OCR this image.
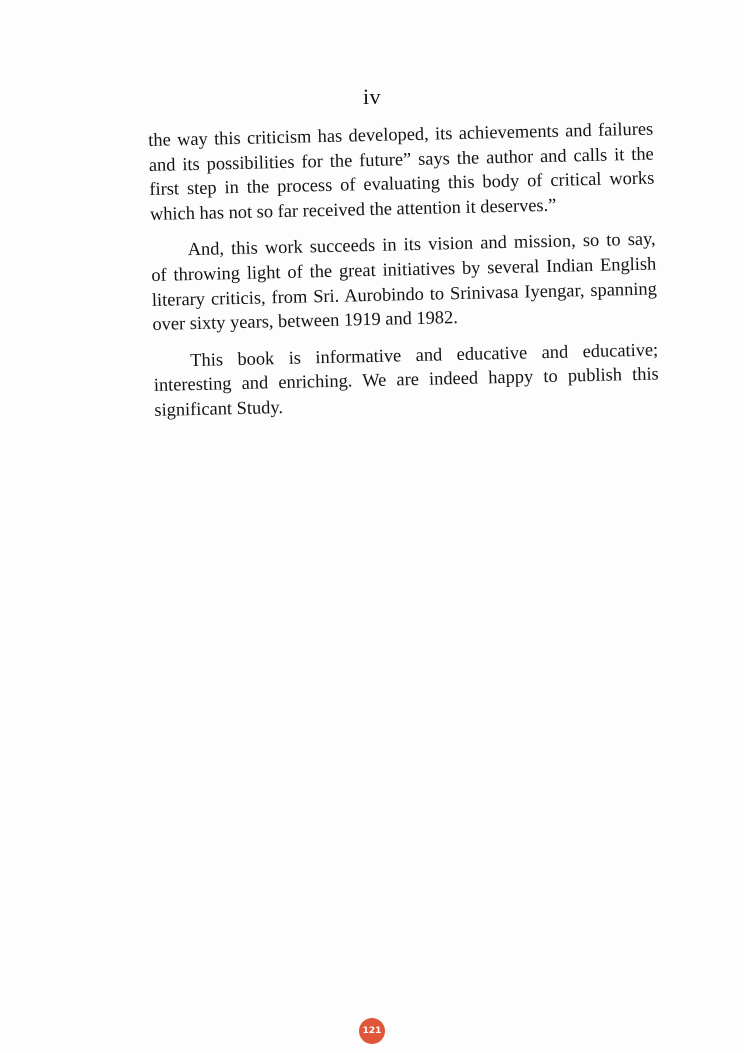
iv
the way this criticism has developed, its achievements and failures
and its possibilities for the future” says the author and calls it the
first step in the process of evaluating this body of critical works
which has not so far received the attention it deserves.”
And, this work succeeds in its vision and mission, so to say,
of throwing light of the great initiatives by several Indian English
literary criticis, from Sri. Aurobindo to Srinivasa Iyengar, spanning
over sixty years, between 1919 and 1982.
This book is informative and educative and educative;
interesting and enriching. We are indeed happy to publish this
significant Study.
121
